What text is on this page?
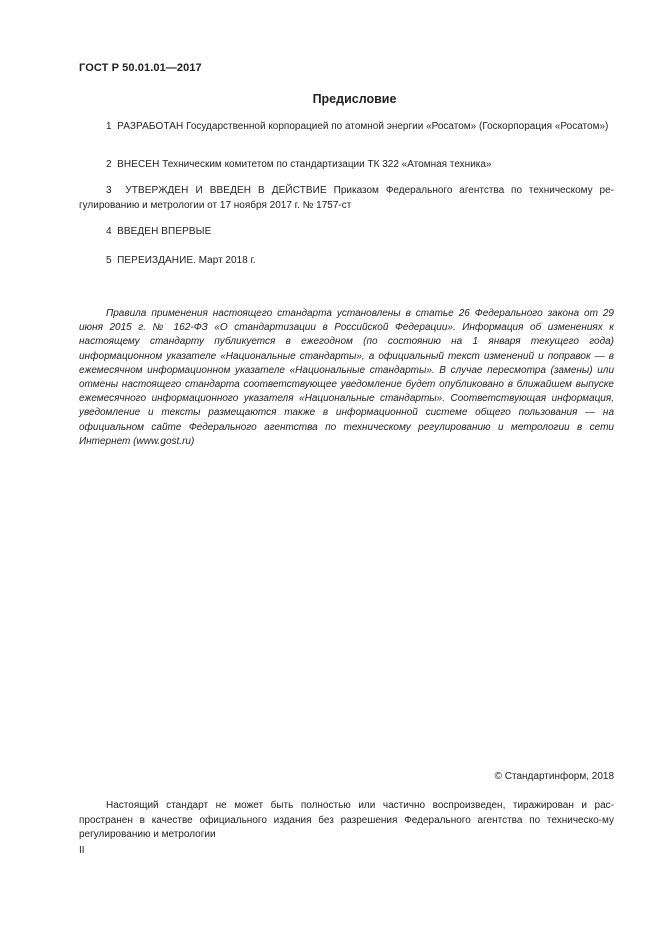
ГОСТ Р 50.01.01—2017
Предисловие
1 РАЗРАБОТАН Государственной корпорацией по атомной энергии «Росатом» (Госкорпорация «Росатом»)
2 ВНЕСЕН Техническим комитетом по стандартизации ТК 322 «Атомная техника»
3 УТВЕРЖДЕН И ВВЕДЕН В ДЕЙСТВИЕ Приказом Федерального агентства по техническому ре-гулированию и метрологии от 17 ноября 2017 г. № 1757-ст
4 ВВЕДЕН ВПЕРВЫЕ
5 ПЕРЕИЗДАНИЕ. Март 2018 г.
Правила применения настоящего стандарта установлены в статье 26 Федерального закона от 29 июня 2015 г. № 162-ФЗ «О стандартизации в Российской Федерации». Информация об изменениях к настоящему стандарту публикуется в ежегодном (по состоянию на 1 января текущего года) информационном указателе «Национальные стандарты», а официальный текст изменений и поправок — в ежемесячном информационном указателе «Национальные стандарты». В случае пересмотра (замены) или отмены настоящего стандарта соответствующее уведомление будет опубликовано в ближайшем выпуске ежемесячного информационного указателя «Национальные стандарты». Соответствующая информация, уведомление и тексты размещаются также в информационной системе общего пользования — на официальном сайте Федерального агентства по техническому регулированию и метрологии в сети Интернет (www.gost.ru)
© Стандартинформ, 2018
Настоящий стандарт не может быть полностью или частично воспроизведен, тиражирован и рас-пространен в качестве официального издания без разрешения Федерального агентства по техническо-му регулированию и метрологии
II
